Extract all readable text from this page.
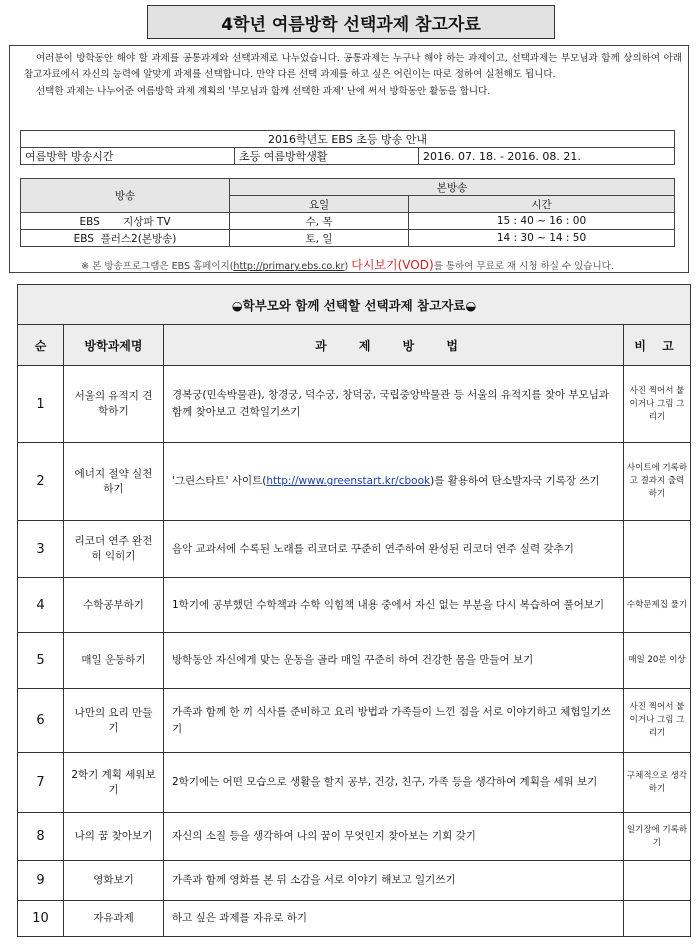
4학년 여름방학 선택과제 참고자료

여러분이 방학동안 해야 할 과제를 공통과제와 선택과제로 나누었습니다. 공통과제는 누구나 해야 하는 과제이고, 선택과제는 부모님과 함께 상의하여 아래 참고자료에서 자신의 능력에 알맞게 과제를 선택합니다. 만약 다른 선택 과제를 하고 싶은 어린이는 따로 정하여 실천해도 됩니다.

선택한 과제는 나누어준 여름방학 과제 계획의 '부모님과 함께 선택한 과제' 난에 써서 방학동안 활동을 합니다.

2016학년도 EBS 초등 방송 안내
여름방학 방송시간	초등 여름방학생활	2016. 07. 18. - 2016. 08. 21.
방송	본방송	
	요일	시간
EBS       지상파 TV	수, 목	15 : 40 ~ 16 : 00
EBS  플러스2(본방송)	토, 일	14 : 30 ~ 14 : 50
※ 본 방송프로그램은 EBS 홈페이지(http://primary.ebs.co.kr) 다시보기(VOD)를 통하여 무료로 재 시청 하실 수 있습니다.
◒학부모와 함께 선택할 선택과제 참고자료◒			
순	방학과제명	과 제 방 법	비 고
1	서울의 유적지 견학하기	경복궁(민속박물관), 창경궁, 덕수궁, 창덕궁, 국립중앙박물관 등 서울의 유적지를 찾아 부모님과 함께 찾아보고 견학일기쓰기	사진 찍어서 붙이거나 그림 그리기
2	에너지 절약 실천하기	'그린스타트' 사이트(http://www.greenstart.kr/cbook)를 활용하여 탄소발자국 기록장 쓰기	사이트에 기록하고 결과지 출력하기
3	리코더 연주 완전히 익히기	음악 교과서에 수록된 노래를 리코더로 꾸준히 연주하여 완성된 리코더 연주 실력 갖추기	
4	수학공부하기	1학기에 공부했던 수학책과 수학 익힘책 내용 중에서 자신 없는 부분을 다시 복습하여 풀어보기	수학문제집 풀기
5	매일 운동하기	방학동안 자신에게 맞는 운동을 골라 매일 꾸준히 하여 건강한 몸을 만들어 보기	매일 20분 이상
6	나만의 요리 만들기	가족과 함께 한 끼 식사를 준비하고 요리 방법과 가족들이 느낀 점을 서로 이야기하고 체험일기쓰기	사진 찍어서 붙이거나 그림 그리기
7	2학기 계획 세워보기	2학기에는 어떤 모습으로 생활을 할지 공부, 건강, 친구, 가족 등을 생각하여 계획을 세워 보기	구체적으로 생각하기
8	나의 꿈 찾아보기	자신의 소질 등을 생각하여 나의 꿈이 무엇인지 찾아보는 기회 갖기	일기장에 기록하기
9	영화보기	가족과 함께 영화를 본 뒤 소감을 서로 이야기 해보고 일기쓰기	
10	자유과제	하고 싶은 과제를 자유로 하기	
